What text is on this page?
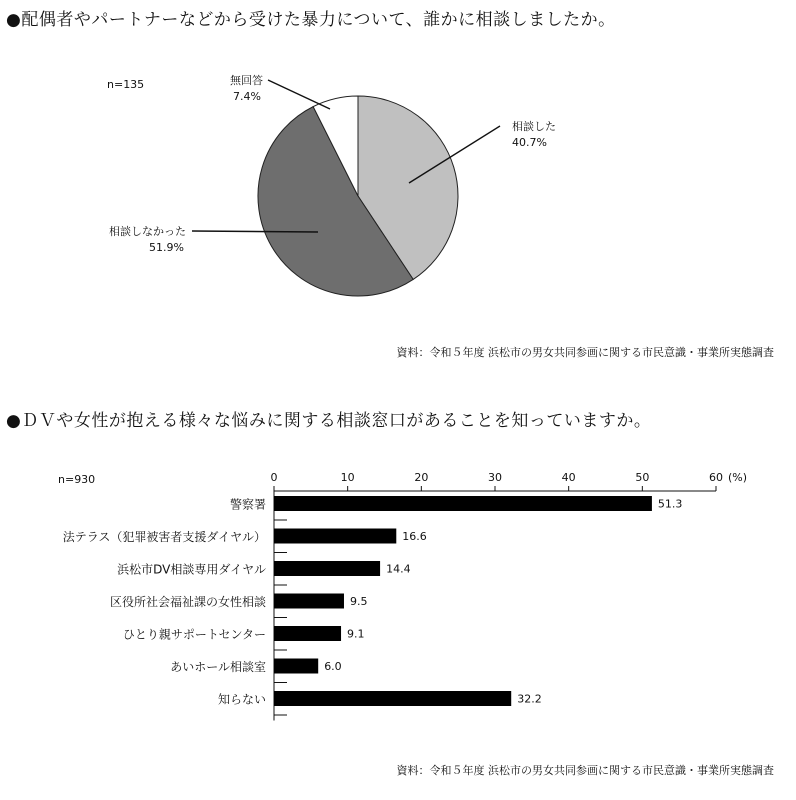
●配偶者やパートナーなどから受けた暴力について、誰かに相談しましたか。
n=135
相談した
40.7%
相談しなかった
51.9%
無回答
7.4%
資料：令和５年度 浜松市の男女共同参画に関する市民意識・事業所実態調査
●ＤＶや女性が抱える様々な悩みに関する相談窓口があることを知っていますか。
n=930	0	10	20	30	40	50	60 (%)
51.3
警察署
16.6
法テラス（犯罪被害者支援ダイヤル）
14.4
浜松市DV相談専用ダイヤル
9.5
区役所社会福祉課の女性相談
9.1
ひとり親サポートセンター
6.0
あいホール相談室
32.2
知らない
資料：令和５年度 浜松市の男女共同参画に関する市民意識・事業所実態調査
